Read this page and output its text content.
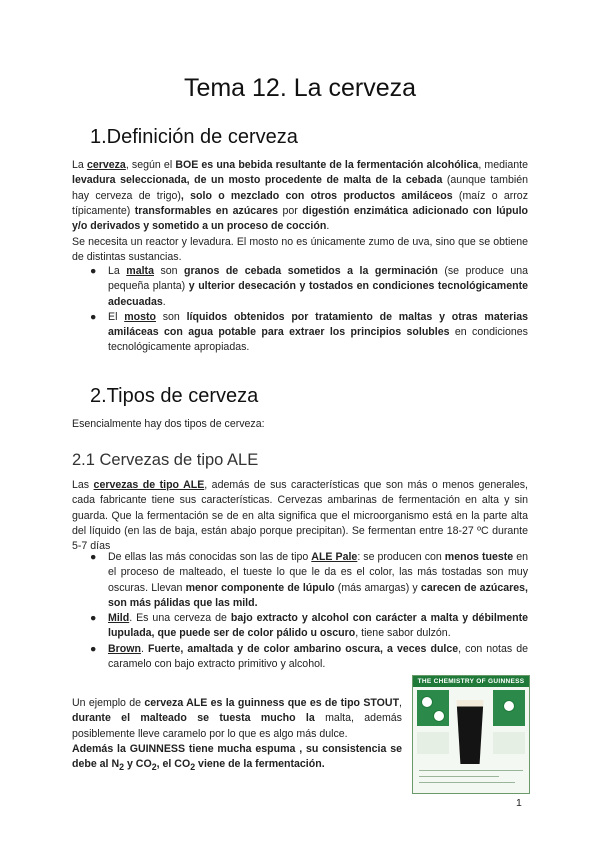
Tema 12. La cerveza
1.Definición de cerveza

La cerveza, según el BOE es una bebida resultante de la fermentación alcohólica, mediante levadura seleccionada, de un mosto procedente de malta de la cebada (aunque también hay cerveza de trigo), solo o mezclado con otros productos amiláceos (maíz o arroz típicamente) transformables en azúcares por digestión enzimática adicionado con lúpulo y/o derivados y sometido a un proceso de cocción.

Se necesita un reactor y levadura. El mosto no es únicamente zumo de uva, sino que se obtiene de distintas sustancias.

● La malta son granos de cebada sometidos a la germinación (se produce una pequeña planta) y ulterior desecación y tostados en condiciones tecnológicamente adecuadas.
● El mosto son líquidos obtenidos por tratamiento de maltas y otras materias amiláceas con agua potable para extraer los principios solubles en condiciones tecnológicamente apropiadas.
2.Tipos de cerveza

Esencialmente hay dos tipos de cerveza:

2.1 Cervezas de tipo ALE

Las cervezas de tipo ALE, además de sus características que son más o menos generales, cada fabricante tiene sus características. Cervezas ambarinas de fermentación en alta y sin guarda. Que la fermentación se de en alta significa que el microorganismo está en la parte alta del líquido (en las de baja, están abajo porque precipitan). Se fermentan entre 18-27 ºC durante 5-7 días

● De ellas las más conocidas son las de tipo ALE Pale: se producen con menos tueste en el proceso de malteado, el tueste lo que le da es el color, las más tostadas son muy oscuras. Llevan menor componente de lúpulo (más amargas) y carecen de azúcares, son más pálidas que las mild.
● Mild. Es una cerveza de bajo extracto y alcohol con carácter a malta y débilmente lupulada, que puede ser de color pálido u oscuro, tiene sabor dulzón.
● Brown. Fuerte, amaltada y de color ambarino oscura, a veces dulce, con notas de caramelo con bajo extracto primitivo y alcohol.

Un ejemplo de cerveza ALE es la guinness que es de tipo STOUT, durante el malteado se tuesta mucho la malta, además posiblemente lleve caramelo por lo que es algo más dulce.

Además la GUINNESS tiene mucha espuma , su consistencia se debe al $N_2$ y $CO_2$, el $CO_2$ viene de la fermentación.

THE CHEMISTRY OF GUINNESS
1
